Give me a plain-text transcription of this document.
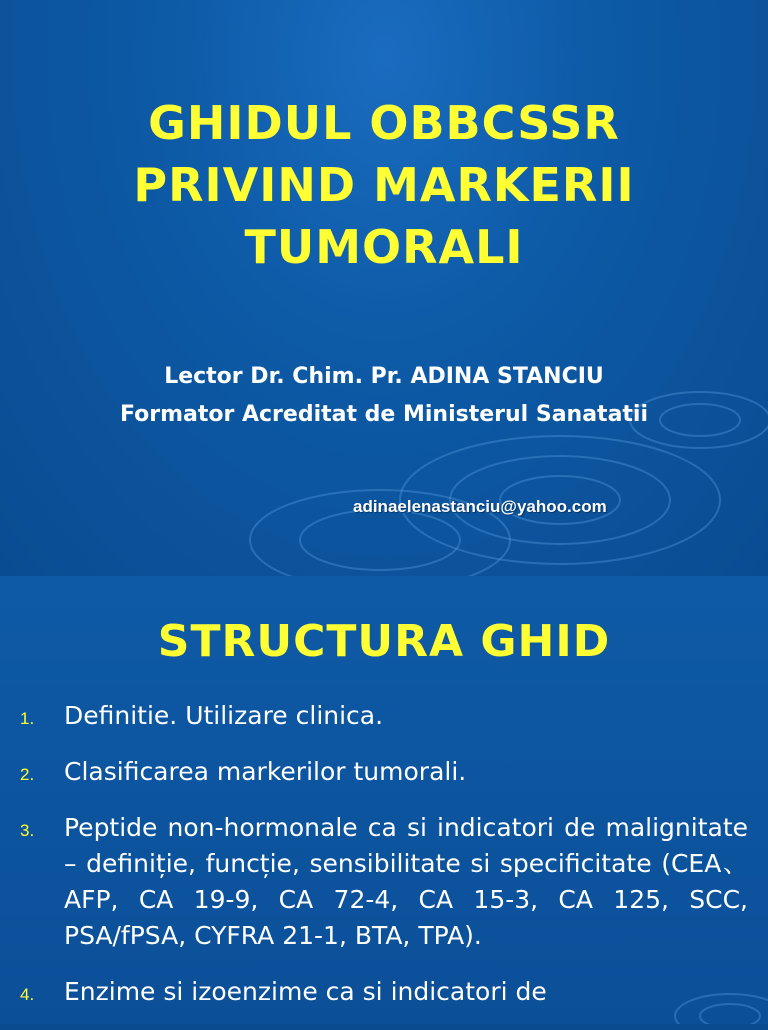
GHIDUL OBBCSSR
PRIVIND MARKERII
TUMORALI
Lector Dr. Chim. Pr. ADINA STANCIU
Formator Acreditat de Ministerul Sanatatii
adinaelenastanciu@yahoo.com
STRUCTURA GHID
1. Definitie. Utilizare clinica.
2. Clasificarea markerilor tumorali.
3. Peptide non-hormonale ca si indicatori de malignitate – definiție, funcție, sensibilitate si specificitate (CEA、AFP, CA 19-9, CA 72-4, CA 15-3, CA 125, SCC, PSA/fPSA, CYFRA 21-1, BTA, TPA).
4. Enzime si izoenzime ca si indicatori de
